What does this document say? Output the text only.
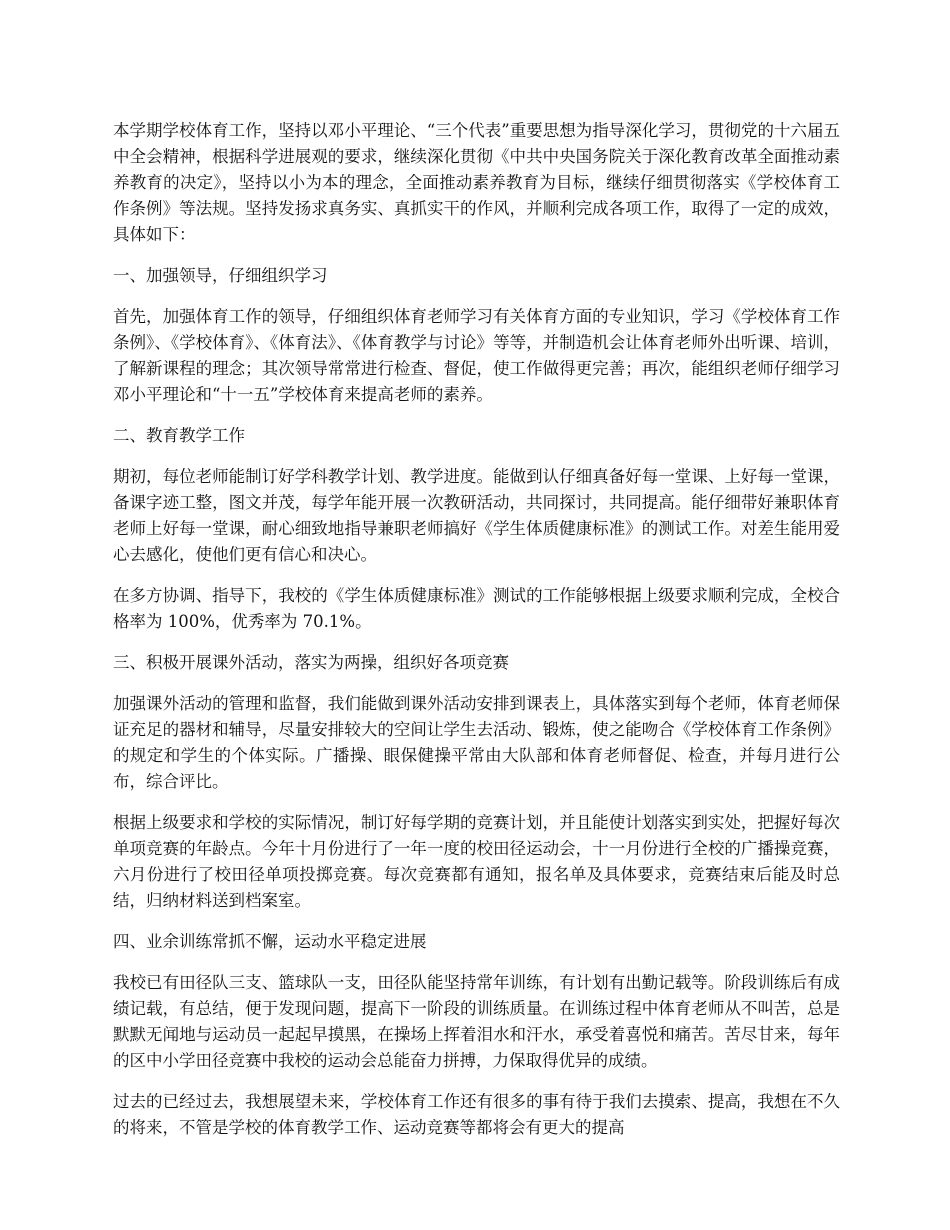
本学期学校体育工作，坚持以邓小平理论、“三个代表”重要思想为指导深化学习，贯彻党的十六届五中全会精神，根据科学进展观的要求，继续深化贯彻《中共中央国务院关于深化教育改革全面推动素养教育的决定》，坚持以小为本的理念，全面推动素养教育为目标，继续仔细贯彻落实《学校体育工作条例》等法规。坚持发扬求真务实、真抓实干的作风，并顺利完成各项工作，取得了一定的成效，具体如下：

一、加强领导，仔细组织学习

首先，加强体育工作的领导，仔细组织体育老师学习有关体育方面的专业知识，学习《学校体育工作条例》、《学校体育》、《体育法》、《体育教学与讨论》等等，并制造机会让体育老师外出听课、培训，了解新课程的理念；其次领导常常进行检查、督促，使工作做得更完善；再次，能组织老师仔细学习邓小平理论和“十一五”学校体育来提高老师的素养。

二、教育教学工作

期初，每位老师能制订好学科教学计划、教学进度。能做到认仔细真备好每一堂课、上好每一堂课，备课字迹工整，图文并茂，每学年能开展一次教研活动，共同探讨，共同提高。能仔细带好兼职体育老师上好每一堂课，耐心细致地指导兼职老师搞好《学生体质健康标准》的测试工作。对差生能用爱心去感化，使他们更有信心和决心。

在多方协调、指导下，我校的《学生体质健康标准》测试的工作能够根据上级要求顺利完成，全校合格率为 100%，优秀率为 70.1%。

三、积极开展课外活动，落实为两操，组织好各项竞赛

加强课外活动的管理和监督，我们能做到课外活动安排到课表上，具体落实到每个老师，体育老师保证充足的器材和辅导，尽量安排较大的空间让学生去活动、锻炼，使之能吻合《学校体育工作条例》的规定和学生的个体实际。广播操、眼保健操平常由大队部和体育老师督促、检查，并每月进行公布，综合评比。

根据上级要求和学校的实际情况，制订好每学期的竞赛计划，并且能使计划落实到实处，把握好每次单项竞赛的年龄点。今年十月份进行了一年一度的校田径运动会，十一月份进行全校的广播操竞赛，六月份进行了校田径单项投掷竞赛。每次竞赛都有通知，报名单及具体要求，竞赛结束后能及时总结，归纳材料送到档案室。

四、业余训练常抓不懈，运动水平稳定进展

我校已有田径队三支、篮球队一支，田径队能坚持常年训练，有计划有出勤记载等。阶段训练后有成绩记载，有总结，便于发现问题，提高下一阶段的训练质量。在训练过程中体育老师从不叫苦，总是默默无闻地与运动员一起起早摸黑，在操场上挥着泪水和汗水，承受着喜悦和痛苦。苦尽甘来，每年的区中小学田径竞赛中我校的运动会总能奋力拼搏，力保取得优异的成绩。

过去的已经过去，我想展望未来，学校体育工作还有很多的事有待于我们去摸索、提高，我想在不久的将来，不管是学校的体育教学工作、运动竞赛等都将会有更大的提高
